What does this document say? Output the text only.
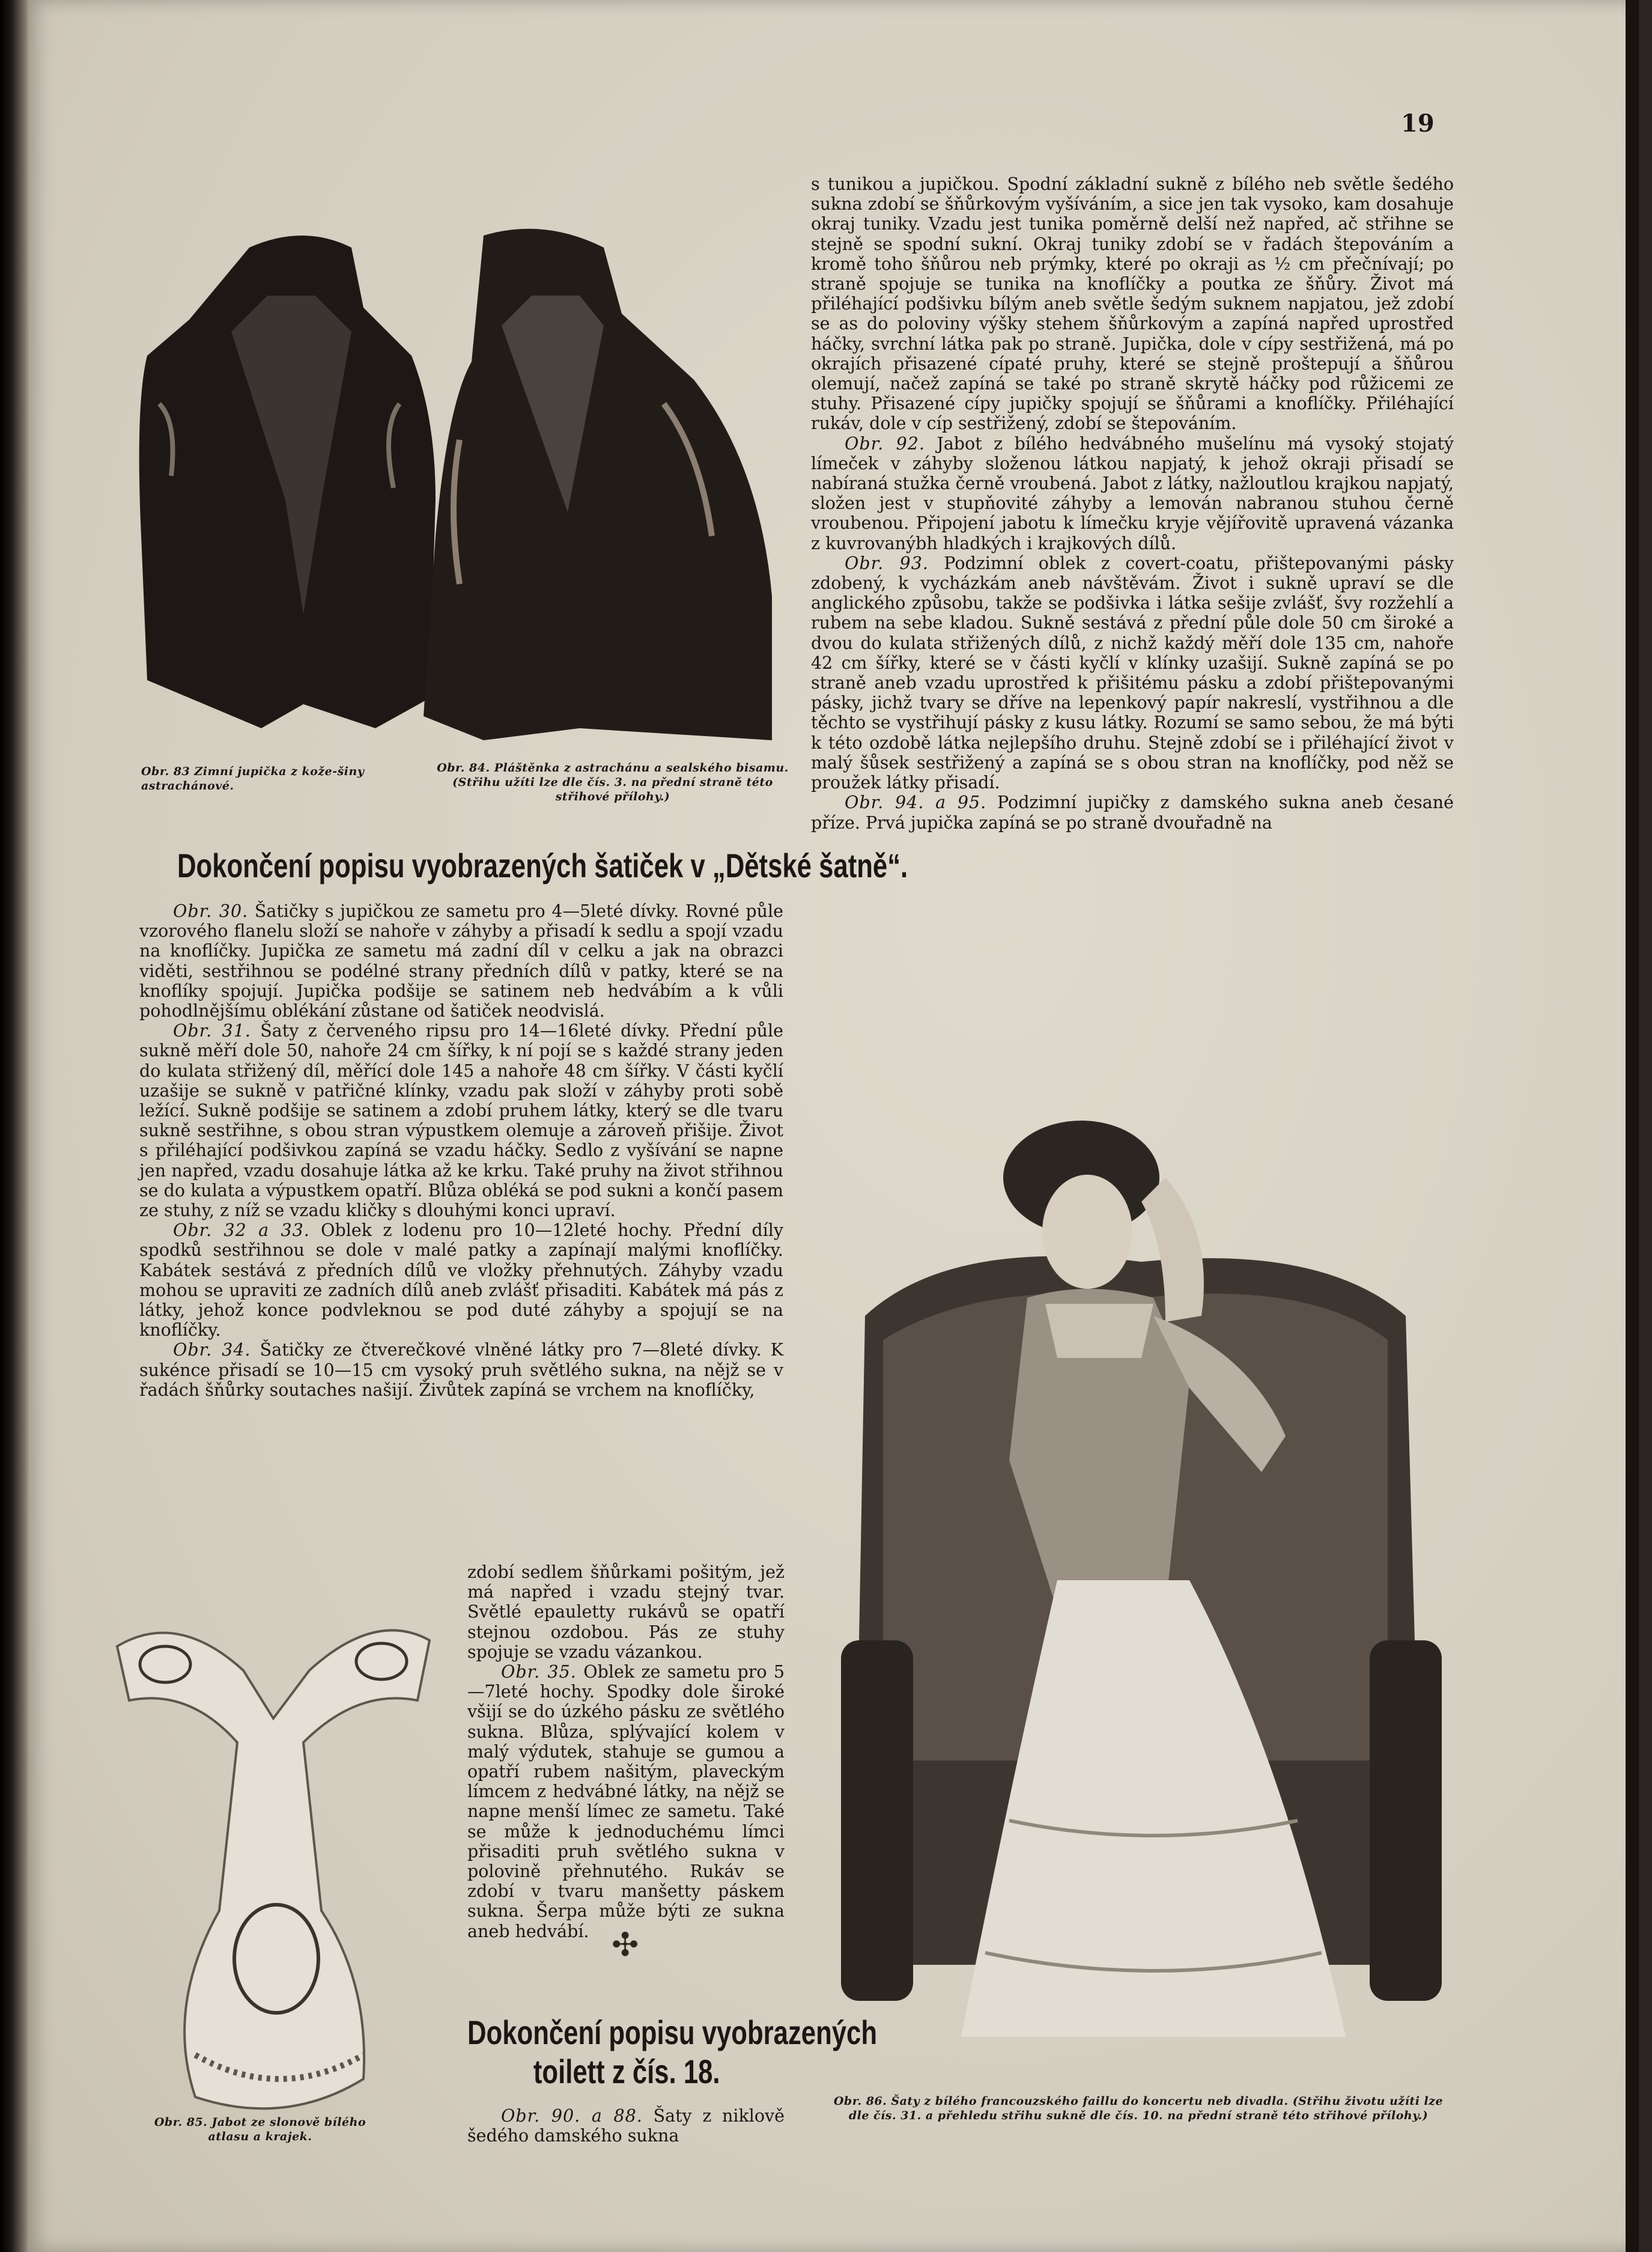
19
Obr. 83 Zimní jupička z kože-šiny astrachánové.
Obr. 84. Pláštěnka z astrachánu a sealského bisamu. (Střihu užíti lze dle čís. 3. na přední straně této střihové přílohy.)
Dokončení popisu vyobrazených šatiček v „Dětské šatně“.

Obr. 30. Šatičky s jupičkou ze sametu pro 4—5leté dívky. Rovné půle vzorového flanelu složí se nahoře v záhyby a přisadí k sedlu a spojí vzadu na knoflíčky. Jupička ze sametu má zadní díl v celku a jak na obrazci viděti, sestřihnou se podélné strany předních dílů v patky, které se na knoflíky spojují. Jupička podšije se satinem neb hedvábím a k vůli pohodlnějšímu oblékání zůstane od šatiček neodvislá.

Obr. 31. Šaty z červeného ripsu pro 14—16leté dívky. Přední půle sukně měří dole 50, nahoře 24 cm šířky, k ní pojí se s každé strany jeden do kulata střižený díl, měřící dole 145 a nahoře 48 cm šířky. V části kyčlí uzašije se sukně v patřičné klínky, vzadu pak složí v záhyby proti sobě ležící. Sukně podšije se satinem a zdobí pruhem látky, který se dle tvaru sukně sestřihne, s obou stran výpustkem olemuje a zároveň přišije. Život s přiléhající podšivkou zapíná se vzadu háčky. Sedlo z vyšívání se napne jen napřed, vzadu dosahuje látka až ke krku. Také pruhy na život střihnou se do kulata a výpustkem opatří. Blůza obléká se pod sukni a končí pasem ze stuhy, z níž se vzadu kličky s dlouhými konci upraví.

Obr. 32 a 33. Oblek z lodenu pro 10—12leté hochy. Přední díly spodků sestřihnou se dole v malé patky a zapínají malými knoflíčky. Kabátek sestává z předních dílů ve vložky přehnutých. Záhyby vzadu mohou se upraviti ze zadních dílů aneb zvlášť přisaditi. Kabátek má pás z látky, jehož konce podvleknou se pod duté záhyby a spojují se na knoflíčky.

Obr. 34. Šatičky ze čtverečkové vlněné látky pro 7—8leté dívky. K sukénce přisadí se 10—15 cm vysoký pruh světlého sukna, na nějž se v řadách šňůrky soutaches našijí. Živůtek zapíná se vrchem na knoflíčky,

Obr. 85. Jabot ze slonově bílého atlasu a krajek.

zdobí sedlem šňůrkami pošitým, jež má napřed i vzadu stejný tvar. Světlé epauletty rukávů se opatří stejnou ozdobou. Pás ze stuhy spojuje se vzadu vázankou.

Obr. 35. Oblek ze sametu pro 5—7leté hochy. Spodky dole široké všijí se do úzkého pásku ze světlého sukna. Blůza, splývající kolem v malý výdutek, stahuje se gumou a opatří rubem našitým, plaveckým límcem z hedvábné látky, na nějž se napne menší límec ze sametu. Také se může k jednoduchému límci přisaditi pruh světlého sukna v polovině přehnutého. Rukáv se zdobí v tvaru manšetty páskem sukna. Šerpa může býti ze sukna aneb hedvábí. ✣
Dokončení popisu vyobrazených
toilett z čís. 18.

Obr. 90. a 88. Šaty z niklově šedého damského sukna

s tunikou a jupičkou. Spodní základní sukně z bílého neb světle šedého sukna zdobí se šňůrkovým vyšíváním, a sice jen tak vysoko, kam dosahuje okraj tuniky. Vzadu jest tunika poměrně delší než napřed, ač střihne se stejně se spodní sukní. Okraj tuniky zdobí se v řadách štepováním a kromě toho šňůrou neb prýmky, které po okraji as ½ cm přečnívají; po straně spojuje se tunika na knoflíčky a poutka ze šňůry. Život má přiléhající podšivku bílým aneb světle šedým suknem napjatou, jež zdobí se as do poloviny výšky stehem šňůrkovým a zapíná napřed uprostřed háčky, svrchní látka pak po straně. Jupička, dole v cípy sestřižená, má po okrajích přisazené cípaté pruhy, které se stejně proštepují a šňůrou olemují, načež zapíná se také po straně skrytě háčky pod růžicemi ze stuhy. Přisazené cípy jupičky spojují se šňůrami a knoflíčky. Přiléhající rukáv, dole v cíp sestřižený, zdobí se štepováním.

Obr. 92. Jabot z bílého hedvábného mušelínu má vysoký stojatý límeček v záhyby složenou látkou napjatý, k jehož okraji přisadí se nabíraná stužka černě vroubená. Jabot z látky, nažloutlou krajkou napjatý, složen jest v stupňovité záhyby a lemován nabranou stuhou černě vroubenou. Připojení jabotu k límečku kryje vějířovitě upravená vázanka z kuvrovanýbh hladkých i krajkových dílů.

Obr. 93. Podzimní oblek z covert-coatu, přištepovanými pásky zdobený, k vycházkám aneb návštěvám. Život i sukně upraví se dle anglického způsobu, takže se podšivka i látka sešije zvlášť, švy rozžehlí a rubem na sebe kladou. Sukně sestává z přední půle dole 50 cm široké a dvou do kulata střižených dílů, z nichž každý měří dole 135 cm, nahoře 42 cm šířky, které se v části kyčlí v klínky uzašijí. Sukně zapíná se po straně aneb vzadu uprostřed k přišitému pásku a zdobí přištepovanými pásky, jichž tvary se dříve na lepenkový papír nakreslí, vystřihnou a dle těchto se vystřihují pásky z kusu látky. Rozumí se samo sebou, že má býti k této ozdobě látka nejlepšího druhu. Stejně zdobí se i přiléhající život v malý šůsek sestřižený a zapíná se s obou stran na knoflíčky, pod něž se proužek látky přisadí.

Obr. 94. a 95. Podzimní jupičky z damského sukna aneb česané příze. Prvá jupička zapíná se po straně dvouřadně na

Obr. 86. Šaty z bílého francouzského faillu do koncertu neb divadla. (Střihu životu užíti lze dle čís. 31. a přehledu střihu sukně dle čís. 10. na přední straně této střihové přílohy.)
